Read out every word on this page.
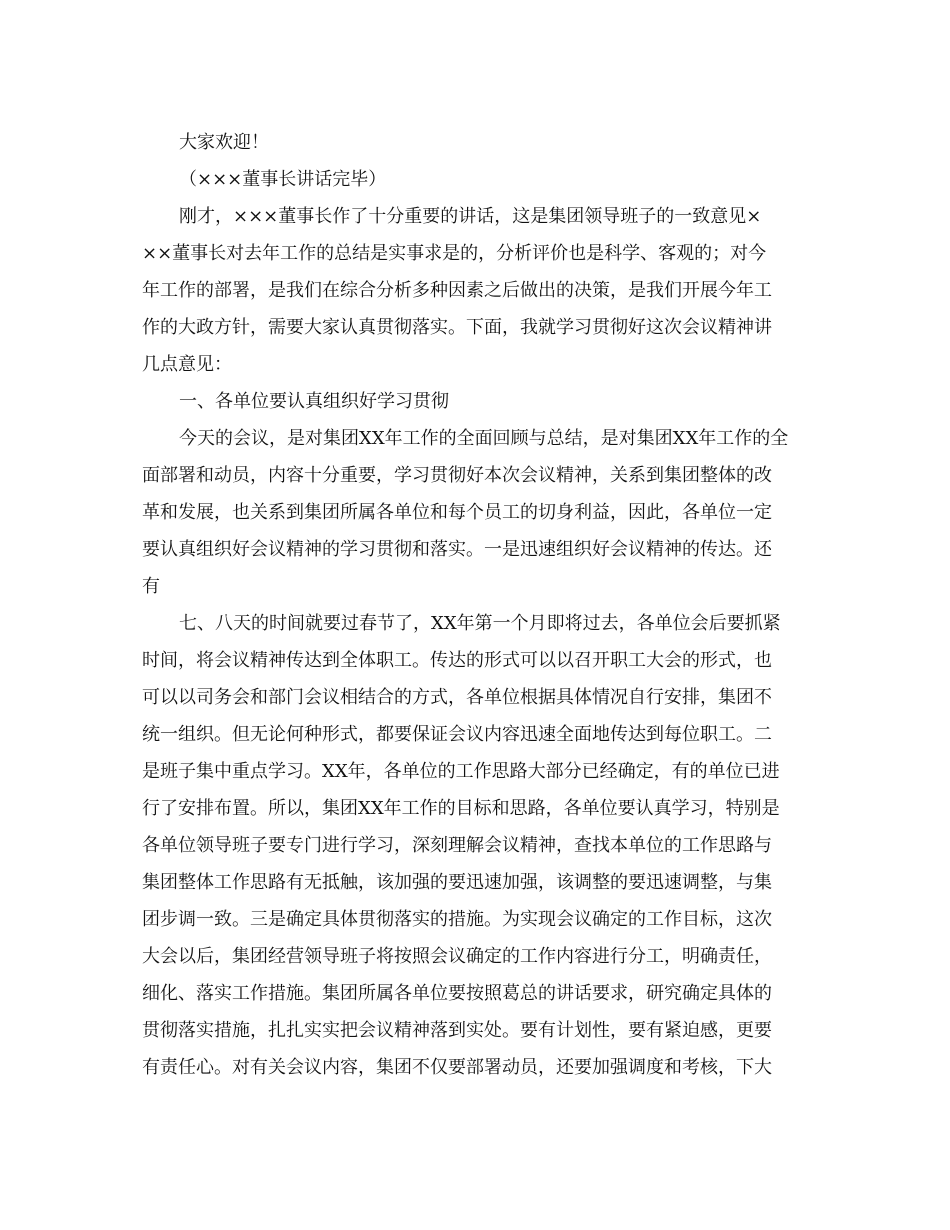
大家欢迎！
（×××董事长讲话完毕）
刚才，×××董事长作了十分重要的讲话，这是集团领导班子的一致意见×
××董事长对去年工作的总结是实事求是的，分析评价也是科学、客观的；对今
年工作的部署，是我们在综合分析多种因素之后做出的决策，是我们开展今年工
作的大政方针，需要大家认真贯彻落实。下面，我就学习贯彻好这次会议精神讲
几点意见：
一、各单位要认真组织好学习贯彻
今天的会议，是对集团XX年工作的全面回顾与总结，是对集团XX年工作的全
面部署和动员，内容十分重要，学习贯彻好本次会议精神，关系到集团整体的改
革和发展，也关系到集团所属各单位和每个员工的切身利益，因此，各单位一定
要认真组织好会议精神的学习贯彻和落实。一是迅速组织好会议精神的传达。还
有
七、八天的时间就要过春节了，XX年第一个月即将过去，各单位会后要抓紧
时间，将会议精神传达到全体职工。传达的形式可以以召开职工大会的形式，也
可以以司务会和部门会议相结合的方式，各单位根据具体情况自行安排，集团不
统一组织。但无论何种形式，都要保证会议内容迅速全面地传达到每位职工。二
是班子集中重点学习。XX年，各单位的工作思路大部分已经确定，有的单位已进
行了安排布置。所以，集团XX年工作的目标和思路，各单位要认真学习，特别是
各单位领导班子要专门进行学习，深刻理解会议精神，查找本单位的工作思路与
集团整体工作思路有无抵触，该加强的要迅速加强，该调整的要迅速调整，与集
团步调一致。三是确定具体贯彻落实的措施。为实现会议确定的工作目标，这次
大会以后，集团经营领导班子将按照会议确定的工作内容进行分工，明确责任，
细化、落实工作措施。集团所属各单位要按照葛总的讲话要求，研究确定具体的
贯彻落实措施，扎扎实实把会议精神落到实处。要有计划性，要有紧迫感，更要
有责任心。对有关会议内容，集团不仅要部署动员，还要加强调度和考核，下大
